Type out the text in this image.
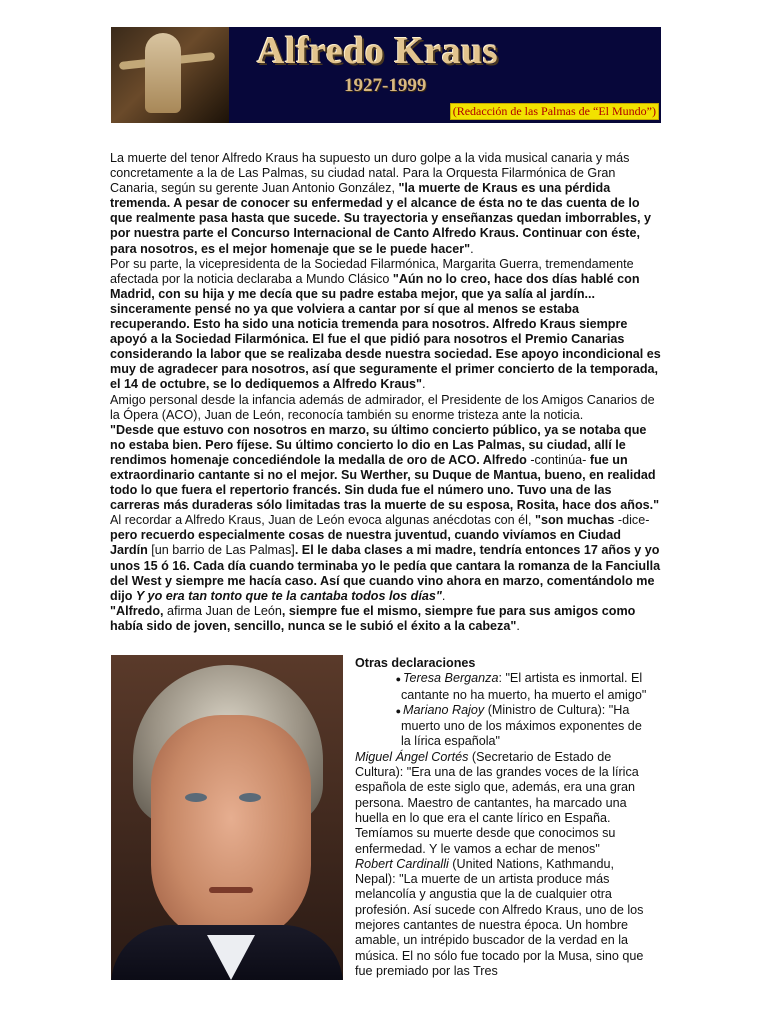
Alfredo Kraus
1927-1999
(Redacción de las Palmas de “El Mundo”)

La muerte del tenor Alfredo Kraus ha supuesto un duro golpe a la vida musical canaria y más concretamente a la de Las Palmas, su ciudad natal. Para la Orquesta Filarmónica de Gran Canaria, según su gerente Juan Antonio González, "la muerte de Kraus es una pérdida tremenda. A pesar de conocer su enfermedad y el alcance de ésta no te das cuenta de lo que realmente pasa hasta que sucede. Su trayectoria y enseñanzas quedan imborrables, y por nuestra parte el Concurso Internacional de Canto Alfredo Kraus. Continuar con éste, para nosotros, es el mejor homenaje que se le puede hacer".

Por su parte, la vicepresidenta de la Sociedad Filarmónica, Margarita Guerra, tremendamente afectada por la noticia declaraba a Mundo Clásico "Aún no lo creo, hace dos días hablé con Madrid, con su hija y me decía que su padre estaba mejor, que ya salía al jardín... sinceramente pensé no ya que volviera a cantar por sí que al menos se estaba recuperando. Esto ha sido una noticia tremenda para nosotros. Alfredo Kraus siempre apoyó a la Sociedad Filarmónica. El fue el que pidió para nosotros el Premio Canarias considerando la labor que se realizaba desde nuestra sociedad. Ese apoyo incondicional es muy de agradecer para nosotros, así que seguramente el primer concierto de la temporada, el 14 de octubre, se lo dediquemos a Alfredo Kraus".

Amigo personal desde la infancia además de admirador, el Presidente de los Amigos Canarios de la Ópera (ACO), Juan de León, reconocía también su enorme tristeza ante la noticia.

"Desde que estuvo con nosotros en marzo, su último concierto público, ya se notaba que no estaba bien. Pero fíjese. Su último concierto lo dio en Las Palmas, su ciudad, allí le rendimos homenaje concediéndole la medalla de oro de ACO. Alfredo -continúa- fue un extraordinario cantante si no el mejor. Su Werther, su Duque de Mantua, bueno, en realidad todo lo que fuera el repertorio francés. Sin duda fue el número uno. Tuvo una de las carreras más duraderas sólo limitadas tras la muerte de su esposa, Rosita, hace dos años."

Al recordar a Alfredo Kraus, Juan de León evoca algunas anécdotas con él, "son muchas -dice- pero recuerdo especialmente cosas de nuestra juventud, cuando vivíamos en Ciudad Jardín [un barrio de Las Palmas]. El le daba clases a mi madre, tendría entonces 17 años y yo unos 15 ó 16. Cada día cuando terminaba yo le pedía que cantara la romanza de la Fanciulla del West y siempre me hacía caso. Así que cuando vino ahora en marzo, comentándolo me dijo Y yo era tan tonto que te la cantaba todos los días".

"Alfredo, afirma Juan de León, siempre fue el mismo, siempre fue para sus amigos como había sido de joven, sencillo, nunca se le subió el éxito a la cabeza".

Otras declaraciones
● Teresa Berganza: "El artista es inmortal. El cantante no ha muerto, ha muerto el amigo"
● Mariano Rajoy (Ministro de Cultura): "Ha muerto uno de los máximos exponentes de la lírica española"

Miguel Ángel Cortés (Secretario de Estado de Cultura): "Era una de las grandes voces de la lírica española de este siglo que, además, era una gran persona. Maestro de cantantes, ha marcado una huella en lo que era el cante lírico en España. Temíamos su muerte desde que conocimos su enfermedad. Y le vamos a echar de menos"

Robert Cardinalli (United Nations, Kathmandu, Nepal): "La muerte de un artista produce más melancolía y angustia que la de cualquier otra profesión. Así sucede con Alfredo Kraus, uno de los mejores cantantes de nuestra época. Un hombre amable, un intrépido buscador de la verdad en la música. El no sólo fue tocado por la Musa, sino que fue premiado por las Tres
